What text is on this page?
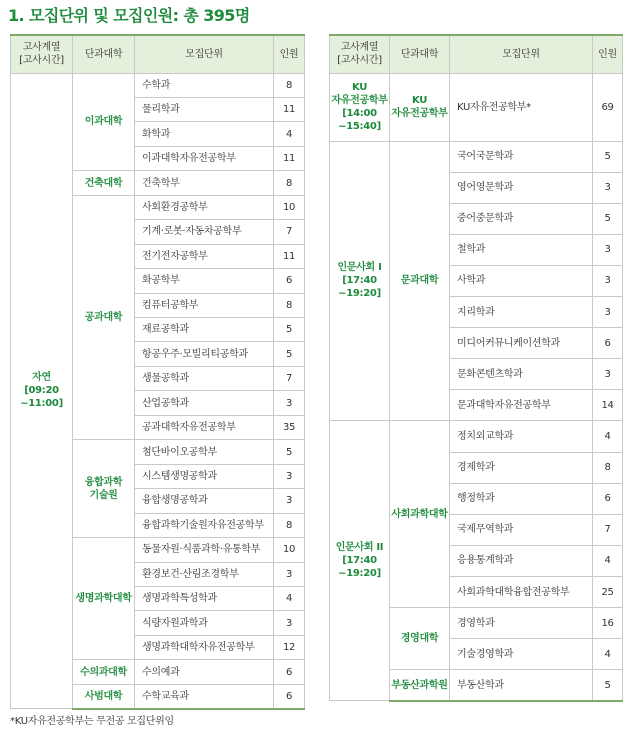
1. 모집단위 및 모집인원: 총 395명
고사계열
[고사시간]	단과대학	모집단위	인원
자연
[09:20
~11:00]	이과대학	수학과	8
		물리학과	11
		화학과	4
		이과대학자유전공학부	11
	건축대학	건축학부	8
	공과대학	사회환경공학부	10
		기계·로봇·자동차공학부	7
		전기전자공학부	11
		화공학부	6
		컴퓨터공학부	8
		재료공학과	5
		항공우주·모빌리티공학과	5
		생물공학과	7
		산업공학과	3
		공과대학자유전공학부	35
	융합과학
기술원	첨단바이오공학부	5
		시스템생명공학과	3
		융합생명공학과	3
		융합과학기술원자유전공학부	8
	생명과학대학	동물자원·식품과학·유통학부	10
		환경보건·산림조경학부	3
		생명과학특성학과	4
		식량자원과학과	3
		생명과학대학자유전공학부	12
	수의과대학	수의예과	6
	사범대학	수학교육과	6
고사계열
[고사시간]	단과대학	모집단위	인원
KU
자유전공학부
[14:00
~15:40]	KU
자유전공학부	KU자유전공학부*	69
인문사회 I
[17:40
~19:20]	문과대학	국어국문학과	5
		영어영문학과	3
		중어중문학과	5
		철학과	3
		사학과	3
		지리학과	3
		미디어커뮤니케이션학과	6
		문화콘텐츠학과	3
		문과대학자유전공학부	14
인문사회 II
[17:40
~19:20]	사회과학대학	정치외교학과	4
		경제학과	8
		행정학과	6
		국제무역학과	7
		응용통계학과	4
		사회과학대학융합전공학부	25
	경영대학	경영학과	16
		기술경영학과	4
	부동산과학원	부동산학과	5
*KU자유전공학부는 무전공 모집단위임
